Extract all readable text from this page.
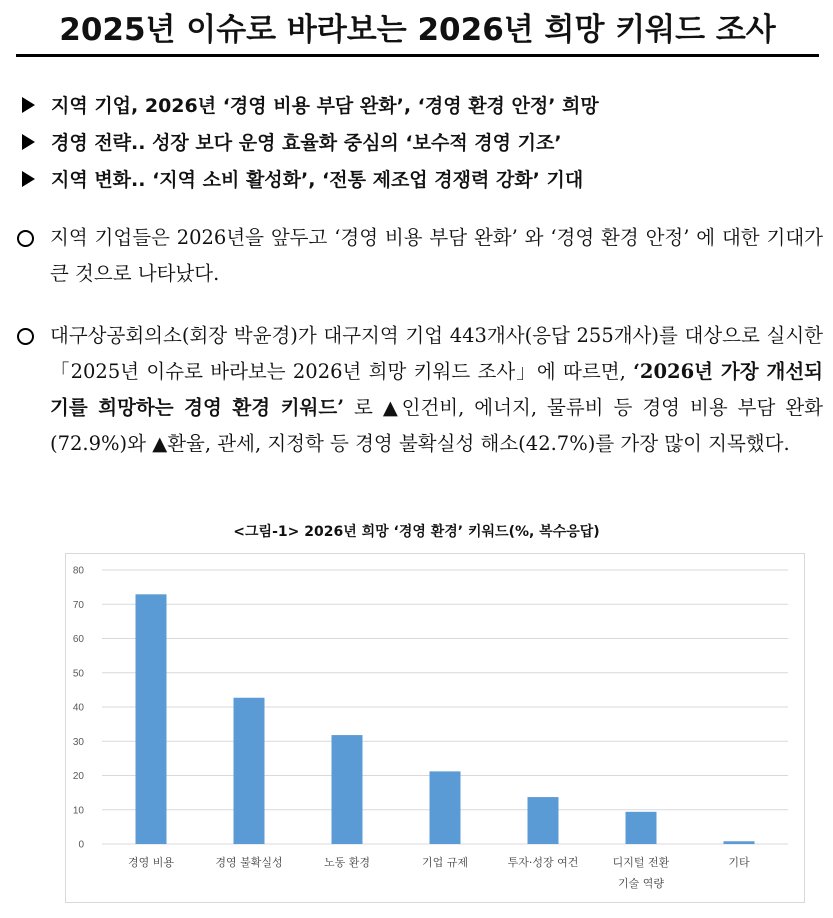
2025년 이슈로 바라보는 2026년 희망 키워드 조사
지역 기업, 2026년 ‘경영 비용 부담 완화’, ‘경영 환경 안정’ 희망
경영 전략.. 성장 보다 운영 효율화 중심의 ‘보수적 경영 기조’
지역 변화.. ‘지역 소비 활성화’, ‘전통 제조업 경쟁력 강화’ 기대
지역 기업들은 2026년을 앞두고 ‘경영 비용 부담 완화’ 와 ‘경영 환경 안정’ 에 대한 기대가 큰 것으로 나타났다.
대구상공회의소(회장 박윤경)가 대구지역 기업 443개사(응답 255개사)를 대상으로 실시한「2025년 이슈로 바라보는 2026년 희망 키워드 조사」에 따르면, ‘2026년 가장 개선되기를 희망하는 경영 환경 키워드’ 로 ▲인건비, 에너지, 물류비 등 경영 비용 부담 완화(72.9%)와 ▲환율, 관세, 지정학 등 경영 불확실성 해소(42.7%)를 가장 많이 지목했다.
<그림-1> 2026년 희망 ‘경영 환경’ 키워드(%, 복수응답)
0
10
20
30
40
50
60
70
80
경영 비용	경영 불확실성	노동 환경	기업 규제	투자·성장 여건	디지털 전환
기술 역량
기타
